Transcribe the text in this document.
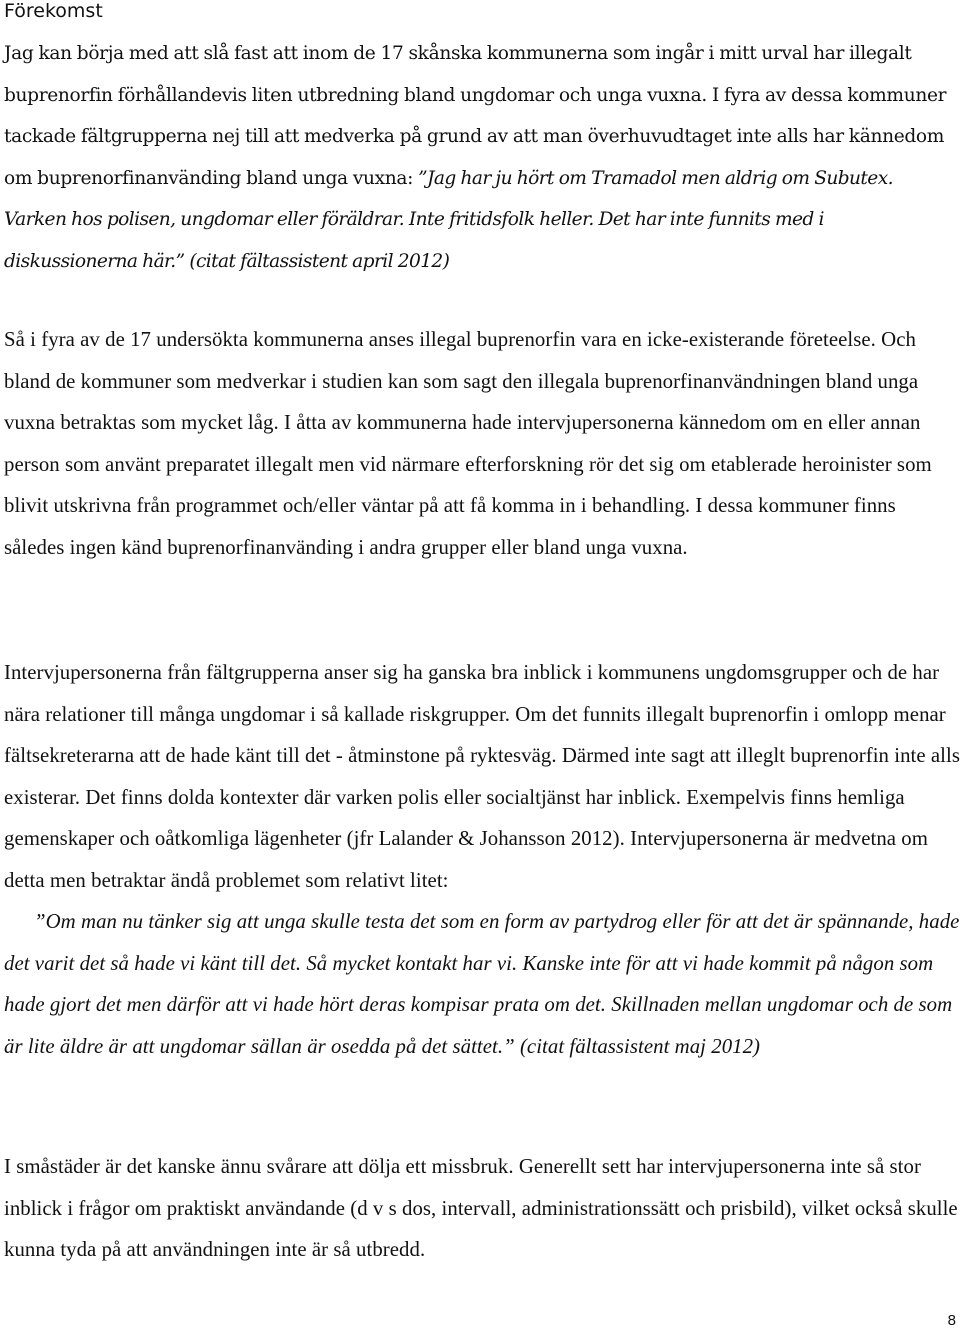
Förekomst

Jag kan börja med att slå fast att inom de 17 skånska kommunerna som ingår i mitt urval har illegalt buprenorfin förhållandevis liten utbredning bland ungdomar och unga vuxna. I fyra av dessa kommuner tackade fältgrupperna nej till att medverka på grund av att man överhuvudtaget inte alls har kännedom om buprenorfinanvänding bland unga vuxna: ”Jag har ju hört om Tramadol men aldrig om Subutex. Varken hos polisen, ungdomar eller föräldrar. Inte fritidsfolk heller. Det har inte funnits med i diskussionerna här.” (citat fältassistent april 2012)

Så i fyra av de 17 undersökta kommunerna anses illegal buprenorfin vara en icke-existerande företeelse. Och bland de kommuner som medverkar i studien kan som sagt den illegala buprenorfinanvändningen bland unga vuxna betraktas som mycket låg. I åtta av kommunerna hade intervjupersonerna kännedom om en eller annan person som använt preparatet illegalt men vid närmare efterforskning rör det sig om etablerade heroinister som blivit utskrivna från programmet och/eller väntar på att få komma in i behandling. I dessa kommuner finns således ingen känd buprenorfinanvänding i andra grupper eller bland unga vuxna.

Intervjupersonerna från fältgrupperna anser sig ha ganska bra inblick i kommunens ungdomsgrupper och de har nära relationer till många ungdomar i så kallade riskgrupper. Om det funnits illegalt buprenorfin i omlopp menar fältsekreterarna att de hade känt till det - åtminstone på ryktesväg. Därmed inte sagt att illeglt buprenorfin inte alls existerar. Det finns dolda kontexter där varken polis eller socialtjänst har inblick. Exempelvis finns hemliga gemenskaper och oåtkomliga lägenheter (jfr Lalander & Johansson 2012). Intervjupersonerna är medvetna om detta men betraktar ändå problemet som relativt litet:
”Om man nu tänker sig att unga skulle testa det som en form av partydrog eller för att det är spännande, hade det varit det så hade vi känt till det. Så mycket kontakt har vi. Kanske inte för att vi hade kommit på någon som hade gjort det men därför att vi hade hört deras kompisar prata om det. Skillnaden mellan ungdomar och de som är lite äldre är att ungdomar sällan är osedda på det sättet.” (citat fältassistent maj 2012)

I småstäder är det kanske ännu svårare att dölja ett missbruk. Generellt sett har intervjupersonerna inte så stor inblick i frågor om praktiskt användande (d v s dos, intervall, administrationssätt och prisbild), vilket också skulle kunna tyda på att användningen inte är så utbredd.

8
